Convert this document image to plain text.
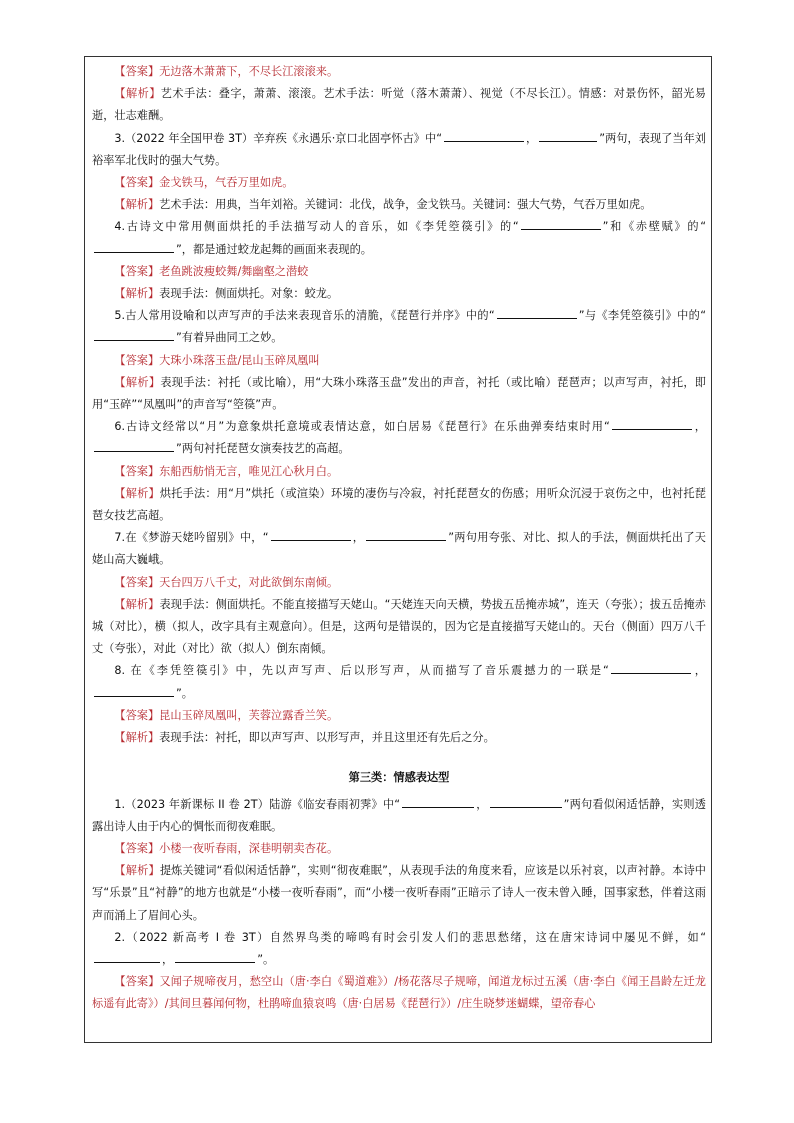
【答案】无边落木萧萧下，不尽长江滚滚来。

【解析】艺术手法：叠字，萧萧、滚滚。艺术手法：听觉（落木萧萧）、视觉（不尽长江）。情感：对景伤怀，韶光易逝，壮志难酬。

3.（2022 年全国甲卷 3T）辛弃疾《永遇乐·京口北固亭怀古》中“	，	”两句，表现了当年刘裕率军北伐时的强大气势。

【答案】金戈铁马，气吞万里如虎。

【解析】艺术手法：用典，当年刘裕。关键词：北伐，战争，金戈铁马。关键词：强大气势，气吞万里如虎。

4.古诗文中常用侧面烘托的手法描写动人的音乐，如《李凭箜篌引》的“	”和《赤壁赋》的“”，都是通过蛟龙起舞的画面来表现的。

【答案】老鱼跳波瘦蛟舞/舞幽壑之潜蛟

【解析】表现手法：侧面烘托。对象：蛟龙。

5.古人常用设喻和以声写声的手法来表现音乐的清脆，《琵琶行并序》中的“	”与《李凭箜篌引》中的“”有着异曲同工之妙。

【答案】大珠小珠落玉盘/昆山玉碎凤凰叫

【解析】表现手法：衬托（或比喻），用“大珠小珠落玉盘”发出的声音，衬托（或比喻）琵琶声；以声写声，衬托，即用“玉碎”“凤凰叫”的声音写“箜篌”声。

6.古诗文经常以“月”为意象烘托意境或表情达意，如白居易《琵琶行》在乐曲弹奏结束时用“	，”两句衬托琵琶女演奏技艺的高超。

【答案】东船西舫悄无言，唯见江心秋月白。

【解析】烘托手法：用“月”烘托（或渲染）环境的凄伤与冷寂，衬托琵琶女的伤感；用听众沉浸于哀伤之中，也衬托琵琶女技艺高超。

7.在《梦游天姥吟留别》中，“	，	”两句用夸张、对比、拟人的手法，侧面烘托出了天姥山高大巍峨。

【答案】天台四万八千丈，对此欲倒东南倾。

【解析】表现手法：侧面烘托。不能直接描写天姥山。“天姥连天向天横，势拔五岳掩赤城”，连天（夸张）；拔五岳掩赤城（对比），横（拟人，改字具有主观意向）。但是，这两句是错误的，因为它是直接描写天姥山的。天台（侧面）四万八千丈（夸张），对此（对比）欲（拟人）倒东南倾。

8. 在《李凭箜篌引》中，先以声写声、后以形写声，从而描写了音乐震撼力的一联是“	，”。

【答案】昆山玉碎凤凰叫，芙蓉泣露香兰笑。

【解析】表现手法：衬托，即以声写声、以形写声，并且这里还有先后之分。

第三类：情感表达型

1.（2023 年新课标 II 卷 2T）陆游《临安春雨初霁》中“	，	”两句看似闲适恬静，实则透露出诗人由于内心的惆怅而彻夜难眠。

【答案】小楼一夜听春雨，深巷明朝卖杏花。

【解析】提炼关键词“看似闲适恬静”，实则“彻夜难眠”，从表现手法的角度来看，应该是以乐衬哀，以声衬静。本诗中写“乐景”且“衬静”的地方也就是“小楼一夜听春雨”，而“小楼一夜听春雨”正暗示了诗人一夜未曾入睡，国事家愁，伴着这雨声而涌上了眉间心头。

2.（2022 新高考 I 卷 3T）自然界鸟类的啼鸣有时会引发人们的悲思愁绪，这在唐宋诗词中屡见不鲜，如“，	”。

【答案】又闻子规啼夜月，愁空山（唐·李白《蜀道难》）/杨花落尽子规啼，闻道龙标过五溪（唐·李白《闻王昌龄左迁龙标遥有此寄》）/其间旦暮闻何物，杜鹃啼血猿哀鸣（唐·白居易《琵琶行》）/庄生晓梦迷蝴蝶，望帝春心
